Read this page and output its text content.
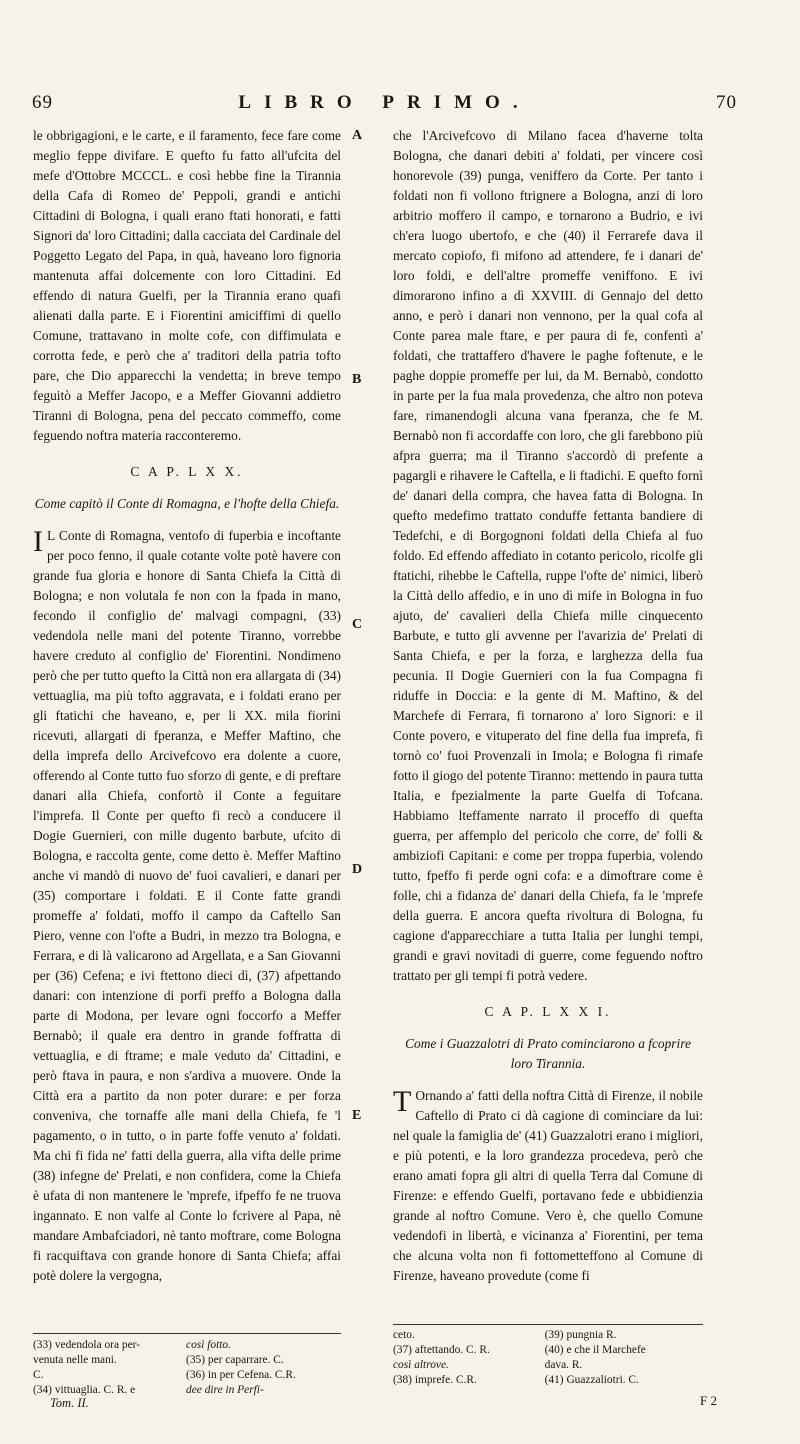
69	LIBRO PRIMO.	70

le obbrigagioni, e le carte, e il faramento, fece fare come meglio feppe divifare. E quefto fu fatto all'ufcita del mefe d'Ottobre MCCCL. e così hebbe fine la Tirannia della Cafa di Romeo de' Peppoli, grandi e antichi Cittadini di Bologna, i quali erano ftati honorati, e fatti Signori da' loro Cittadini; dalla cacciata del Cardinale del Poggetto Legato del Papa, in quà, haveano loro fignoria mantenuta affai dolcemente con loro Cittadini. Ed effendo di natura Guelfi, per la Tirannia erano quafi alienati dalla parte. E i Fiorentini amiciffimi di quello Comune, trattavano in molte cofe, con diffimulata e corrotta fede, e però che a' traditori della patria tofto pare, che Dio apparecchi la vendetta; in breve tempo feguitò a Meffer Jacopo, e a Meffer Giovanni addietro Tiranni di Bologna, pena del peccato commeffo, come feguendo noftra materia racconteremo.

C A P. L X X.

Come capitò il Conte di Romagna, e l'hofte della Chiefa.

I L Conte di Romagna, ventofo di fuperbia e incoftante per poco fenno, il quale cotante volte potè havere con grande fua gloria e honore di Santa Chiefa la Città di Bologna; e non volutala fe non con la fpada in mano, fecondo il configlio de' malvagi compagni, (33) vedendola nelle mani del potente Tiranno, vorrebbe havere creduto al configlio de' Fiorentini. Nondimeno però che per tutto quefto la Città non era allargata di (34) vettuaglia, ma più tofto aggravata, e i foldati erano per gli ftatichi che haveano, e, per li XX. mila fiorini ricevuti, allargati di fperanza, e Meffer Maftino, che della imprefa dello Arcivefcovo era dolente a cuore, offerendo al Conte tutto fuo sforzo di gente, e di preftare danari alla Chiefa, confortò il Conte a feguitare l'imprefa. Il Conte per quefto fi recò a conducere il Dogie Guernieri, con mille dugento barbute, ufcito di Bologna, e raccolta gente, come detto è. Meffer Maftino anche vi mandò di nuovo de' fuoi cavalieri, e danari per (35) comportare i foldati. E il Conte fatte grandi promeffe a' foldati, moffo il campo da Caftello San Piero, venne con l'ofte a Budri, in mezzo tra Bologna, e Ferrara, e di là valicarono ad Argellata, e a San Giovanni per (36) Cefena; e ivi ftettono dieci dì, (37) afpettando danari: con intenzione di porfi preffo a Bologna dalla parte di Modona, per levare ogni foccorfo a Meffer Bernabò; il quale era dentro in grande foffratta di vettuaglia, e di ftrame; e male veduto da' Cittadini, e però ftava in paura, e non s'ardiva a muovere. Onde la Città era a partito da non poter durare: e per forza conveniva, che tornaffe alle mani della Chiefa, fe 'l pagamento, o in tutto, o in parte foffe venuto a' foldati. Ma chi fi fida ne' fatti della guerra, alla vifta delle prime (38) infegne de' Prelati, e non confidera, come la Chiefa è ufata di non mantenere le 'mprefe, ifpeffo fe ne truova ingannato. E non valfe al Conte lo fcrivere al Papa, nè mandare Ambafciadori, nè tanto moftrare, come Bologna fi racquiftava con grande honore di Santa Chiefa; affai potè dolere la vergogna,

che l'Arcivefcovo di Milano facea d'haverne tolta Bologna, che danari debiti a' foldati, per vincere così honorevole (39) punga, veniffero da Corte. Per tanto i foldati non fi vollono ftrignere a Bologna, anzi di loro arbitrio moffero il campo, e tornarono a Budrio, e ivi ch'era luogo ubertofo, e che (40) il Ferrarefe dava il mercato copiofo, fi mifono ad attendere, fe i danari de' loro foldi, e dell'altre promeffe veniffono. E ivi dimorarono infino a dì XXVIII. di Gennajo del detto anno, e però i danari non vennono, per la qual cofa al Conte parea male ftare, e per paura di fe, confentì a' foldati, che trattaffero d'havere le paghe foftenute, e le paghe doppie promeffe per lui, da M. Bernabò, condotto in parte per la fua mala provedenza, che altro non poteva fare, rimanendogli alcuna vana fperanza, che fe M. Bernabò non fi accordaffe con loro, che gli farebbono più afpra guerra; ma il Tiranno s'accordò di prefente a pagargli e rihavere le Caftella, e li ftadichi. E quefto fornì de' danari della compra, che havea fatta di Bologna. In quefto medefimo trattato conduffe fettanta bandiere di Tedefchi, e di Borgognoni foldati della Chiefa al fuo foldo. Ed effendo affediato in cotanto pericolo, ricolfe gli ftatichi, rihebbe le Caftella, ruppe l'ofte de' nimici, liberò la Città dello affedio, e in uno dì mife in Bologna in fuo ajuto, de' cavalieri della Chiefa mille cinquecento Barbute, e tutto gli avvenne per l'avarizia de' Prelati di Santa Chiefa, e per la forza, e larghezza della fua pecunia. Il Dogie Guernieri con la fua Compagna fi riduffe in Doccia: e la gente di M. Maftino, & del Marchefe di Ferrara, fi tornarono a' loro Signori: e il Conte povero, e vituperato del fine della fua imprefa, fi tornò co' fuoi Provenzali in Imola; e Bologna fi rimafe fotto il giogo del potente Tiranno: mettendo in paura tutta Italia, e fpezialmente la parte Guelfa di Tofcana. Habbiamo lteffamente narrato il proceffo di quefta guerra, per affemplo del pericolo che corre, de' folli & ambiziofi Capitani: e come per troppa fuperbia, volendo tutto, fpeffo fi perde ogni cofa: e a dimoftrare come è folle, chi a fidanza de' danari della Chiefa, fa le 'mprefe della guerra. E ancora quefta rivoltura di Bologna, fu cagione d'apparecchiare a tutta Italia per lunghi tempi, grandi e gravi novitadi di guerre, come feguendo noftro trattato per gli tempi fi potrà vedere.

C A P. L X X I.

Come i Guazzalotri di Prato cominciarono a fcoprire loro Tirannia.

T Ornando a' fatti della noftra Città di Firenze, il nobile Caftello di Prato ci dà cagione di cominciare da lui: nel quale la famiglia de' (41) Guazzalotri erano i migliori, e più potenti, e la loro grandezza procedeva, però che erano amati fopra gli altri di quella Terra dal Comune di Firenze: e effendo Guelfi, portavano fede e ubbidienzia grande al noftro Comune. Vero è, che quello Comune vedendofi in libertà, e vicinanza a' Fiorentini, per tema che alcuna volta non fi fottometteffono al Comune di Firenze, haveano provedute (come fi

A
B
C
D
E
(33) vedendola ora per-	così fotto.
venuta nelle mani.	(35) per caparrare. C.
C.	(36) in per Cefena. C.R.
(34) vittuaglia. C. R. e	dee dire in Perfi-
Tom. II.
ceto.	(39) pungnia R.
(37) aftettando. C. R.	(40) e che il Marchefe
così altrove.	dava. R.
(38) imprefe. C.R.	(41) Guazzaliotri. C.
F 2
